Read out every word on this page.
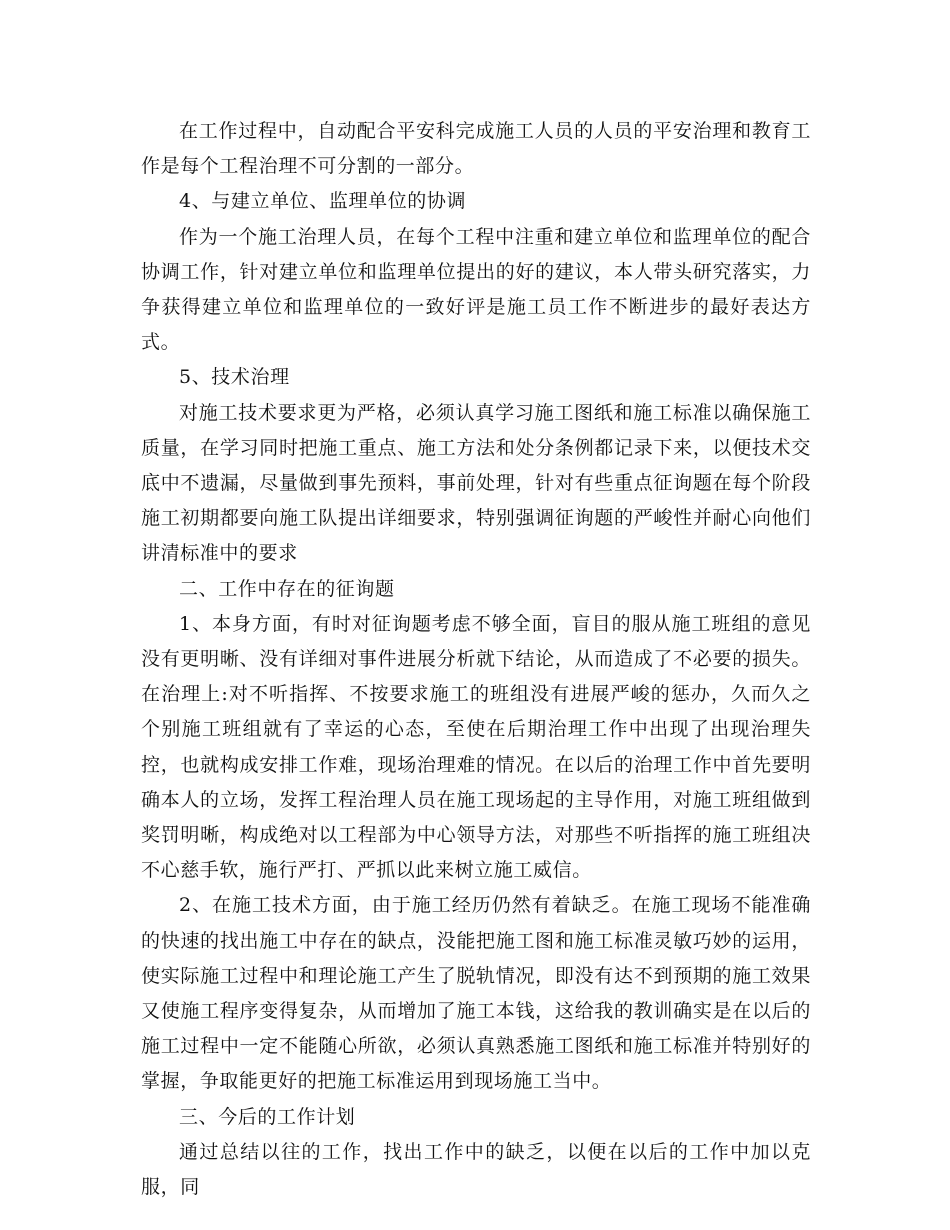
在工作过程中，自动配合平安科完成施工人员的人员的平安治理和教育工作是每个工程治理不可分割的一部分。

4、与建立单位、监理单位的协调

作为一个施工治理人员，在每个工程中注重和建立单位和监理单位的配合协调工作，针对建立单位和监理单位提出的好的建议，本人带头研究落实，力争获得建立单位和监理单位的一致好评是施工员工作不断进步的最好表达方式。

5、技术治理

对施工技术要求更为严格，必须认真学习施工图纸和施工标准以确保施工质量，在学习同时把施工重点、施工方法和处分条例都记录下来，以便技术交底中不遗漏，尽量做到事先预料，事前处理，针对有些重点征询题在每个阶段施工初期都要向施工队提出详细要求，特别强调征询题的严峻性并耐心向他们讲清标准中的要求

二、工作中存在的征询题

1、本身方面，有时对征询题考虑不够全面，盲目的服从施工班组的意见没有更明晰、没有详细对事件进展分析就下结论，从而造成了不必要的损失。在治理上:对不听指挥、不按要求施工的班组没有进展严峻的惩办，久而久之个别施工班组就有了幸运的心态，至使在后期治理工作中出现了出现治理失控，也就构成安排工作难，现场治理难的情况。在以后的治理工作中首先要明确本人的立场，发挥工程治理人员在施工现场起的主导作用，对施工班组做到奖罚明晰，构成绝对以工程部为中心领导方法，对那些不听指挥的施工班组决不心慈手软，施行严打、严抓以此来树立施工威信。

2、在施工技术方面，由于施工经历仍然有着缺乏。在施工现场不能准确的快速的找出施工中存在的缺点，没能把施工图和施工标准灵敏巧妙的运用，使实际施工过程中和理论施工产生了脱轨情况，即没有达不到预期的施工效果又使施工程序变得复杂，从而增加了施工本钱，这给我的教训确实是在以后的施工过程中一定不能随心所欲，必须认真熟悉施工图纸和施工标准并特别好的掌握，争取能更好的把施工标准运用到现场施工当中。

三、今后的工作计划

通过总结以往的工作，找出工作中的缺乏，以便在以后的工作中加以克服，同
